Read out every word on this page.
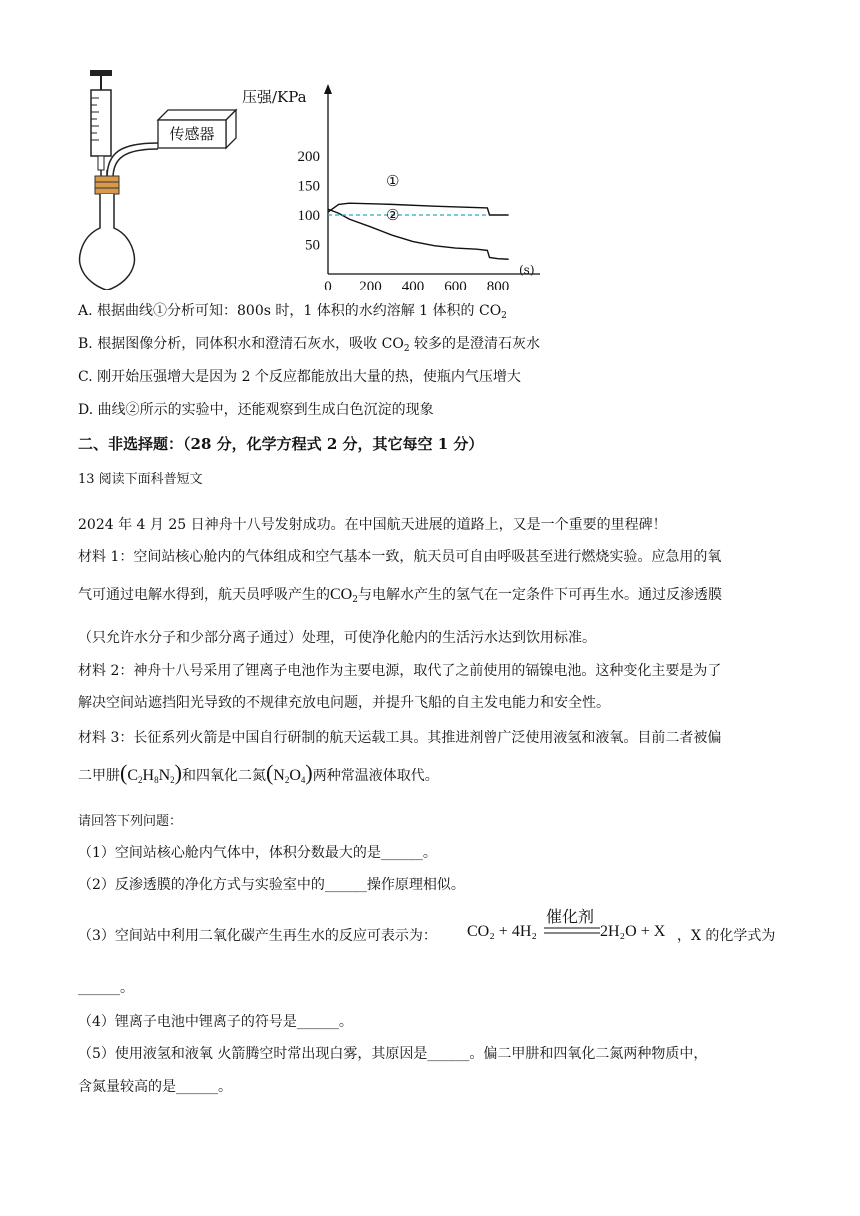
传感器
压强/KPa
200
150
100
50
0 200 400 600 800
(s)
①
②
A. 根据曲线①分析可知：800s 时，1 体积的水约溶解 1 体积的 $CO_2$
B. 根据图像分析，同体积水和澄清石灰水，吸收 $CO_2$ 较多的是澄清石灰水
C. 刚开始压强增大是因为 2 个反应都能放出大量的热，使瓶内气压增大
D. 曲线②所示的实验中，还能观察到生成白色沉淀的现象
二、非选择题：（28 分，化学方程式 2 分，其它每空 1 分）
13 阅读下面科普短文
2024 年 4 月 25 日神舟十八号发射成功。在中国航天进展的道路上，又是一个重要的里程碑！
材料 1：空间站核心舱内的气体组成和空气基本一致，航天员可自由呼吸甚至进行燃烧实验。应急用的氧
气可通过电解水得到，航天员呼吸产生的$CO_2$与电解水产生的氢气在一定条件下可再生水。通过反渗透膜
（只允许水分子和少部分离子通过）处理，可使净化舱内的生活污水达到饮用标准。
材料 2：神舟十八号采用了锂离子电池作为主要电源，取代了之前使用的镉镍电池。这种变化主要是为了
解决空间站遮挡阳光导致的不规律充放电问题，并提升飞船的自主发电能力和安全性。
材料 3：长征系列火箭是中国自行研制的航天运载工具。其推进剂曾广泛使用液氢和液氧。目前二者被偏
二甲肼$(C_2H_8N_2)$和四氧化二氮$(N_2O_4)$两种常温液体取代。
请回答下列问题：
（1）空间站核心舱内气体中，体积分数最大的是______。
（2）反渗透膜的净化方式与实验室中的______操作原理相似。
（3）空间站中利用二氧化碳产生再生水的反应可表示为： CO₂ + 4H₂
催化剂
2H₂O + X ，X 的化学式为
______。
（4）锂离子电池中锂离子的符号是______。
（5）使用液氢和液氧 火箭腾空时常出现白雾，其原因是______。偏二甲肼和四氧化二氮两种物质中，
含氮量较高的是______。
